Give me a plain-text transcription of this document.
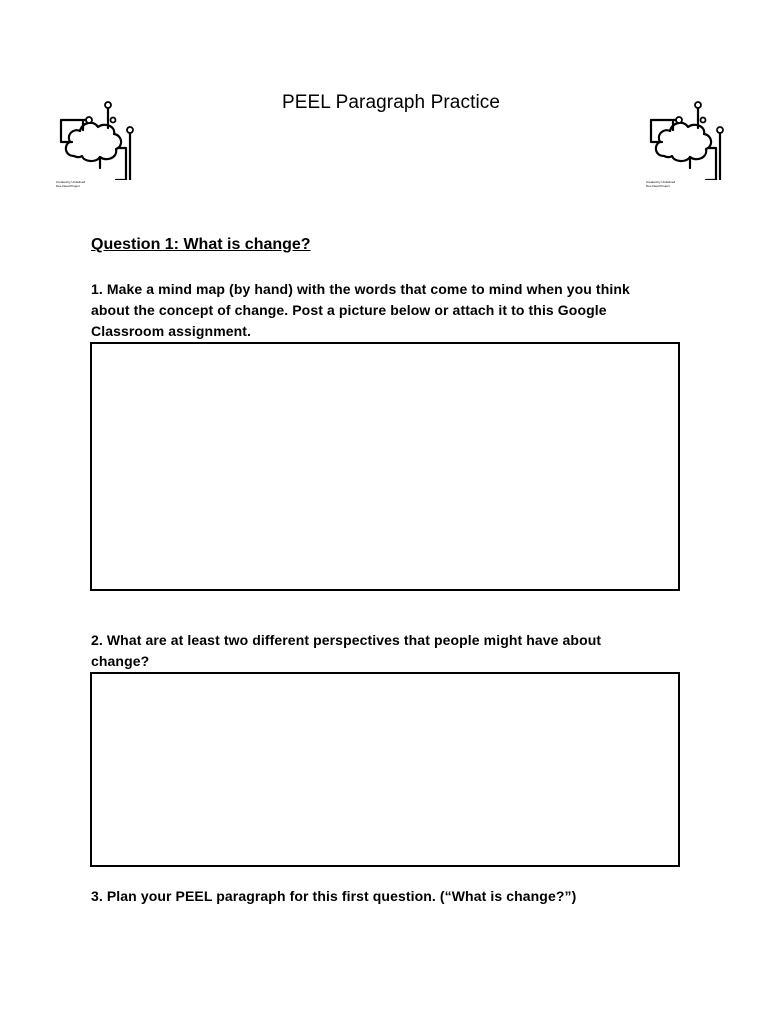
PEEL Paragraph Practice
Created by Undefined
Dee Dead Project
Created by Undefined
Dee Dead Project
Question 1: What is change?

1. Make a mind map (by hand) with the words that come to mind when you think
about the concept of change. Post a picture below or attach it to this Google
Classroom assignment.

2. What are at least two different perspectives that people might have about
change?

3. Plan your PEEL paragraph for this first question. (“What is change?”)
